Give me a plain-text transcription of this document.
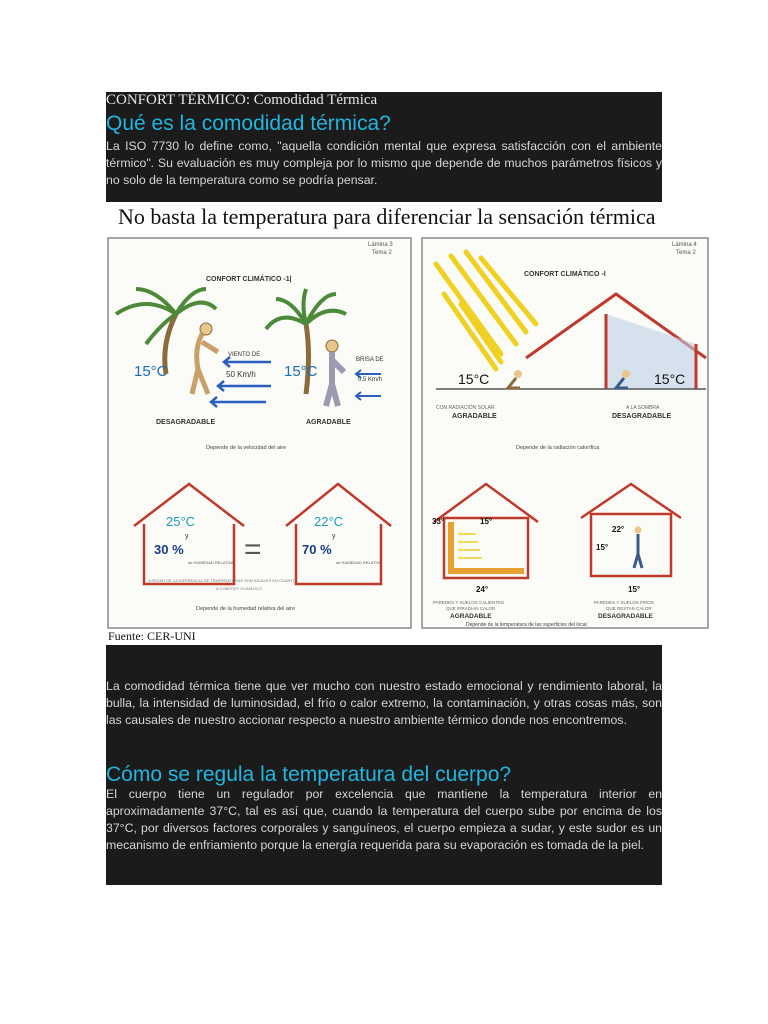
CONFORT TÉRMICO: Comodidad Térmica
Qué es la comodidad térmica?
La ISO 7730 lo define como, "aquella condición mental que expresa satisfacción con el ambiente térmico". Su evaluación es muy compleja por lo mismo que depende de muchos parámetros físicos y no solo de la temperatura como se podría pensar.
No basta la temperatura para diferenciar la sensación térmica
Lámina 3
Tema 2
CONFORT CLIMÁTICO -1|
15°C
VIENTO DE
50 Km/h 15°C
BRISA DE
0.5 Km/h
DESAGRADABLE	AGRADABLE
Depende de la velocidad del aire
25°C
y
30 %
de HUMEDAD RELATIVA =
22°C
y
70 %
de HUMEDAD RELATIVA
A PESAR DE LA DIFERENCIA DE TEMPERATURAS SON IGUALES EN CUANTO
A CONFORT CLIMÁTICO
Depende de la humedad relativa del aire
Lámina 4
Tema 2
CONFORT CLIMÁTICO -I
15°C	15°C
CON RADIACIÓN SOLAR
AGRADABLE
A LA SOMBRA
DESAGRADABLE
Depende de la radiación calorífica
33°	15°
24°
22°
15°
15°
PAREDES Y SUELOS CALIENTES
QUE IRRADIAN CALOR
AGRADABLE
PAREDES Y SUELOS FRÍOS
QUE RESTAN CALOR
DESAGRADABLE
Depende de la temperatura de las superficies del local
Fuente: CER-UNI
La comodidad térmica tiene que ver mucho con nuestro estado emocional y rendimiento laboral, la bulla, la intensidad de luminosidad, el frío o calor extremo, la contaminación, y otras cosas más, son las causales de nuestro accionar respecto a nuestro ambiente térmico donde nos encontremos.
Cómo se regula la temperatura del cuerpo?
El cuerpo tiene un regulador por excelencia que mantiene la temperatura interior en aproximadamente 37°C, tal es así que, cuando la temperatura del cuerpo sube por encima de los 37°C, por diversos factores corporales y sanguíneos, el cuerpo empieza a sudar, y este sudor es un mecanismo de enfriamiento porque la energía requerida para su evaporación es tomada de la piel.
